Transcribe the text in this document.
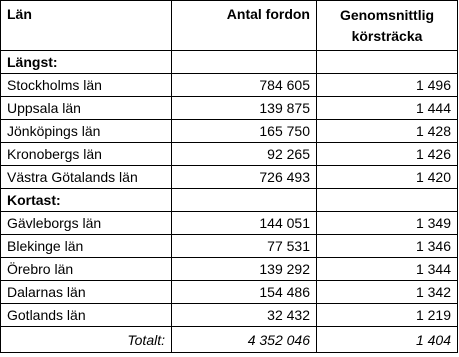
Län	Antal fordon	Genomsnittlig
körsträcka
Längst:		
Stockholms län	784 605	1 496
Uppsala län	139 875	1 444
Jönköpings län	165 750	1 428
Kronobergs län	92 265	1 426
Västra Götalands län	726 493	1 420
Kortast:		
Gävleborgs län	144 051	1 349
Blekinge län	77 531	1 346
Örebro län	139 292	1 344
Dalarnas län	154 486	1 342
Gotlands län	32 432	1 219
Totalt:	4 352 046	1 404
